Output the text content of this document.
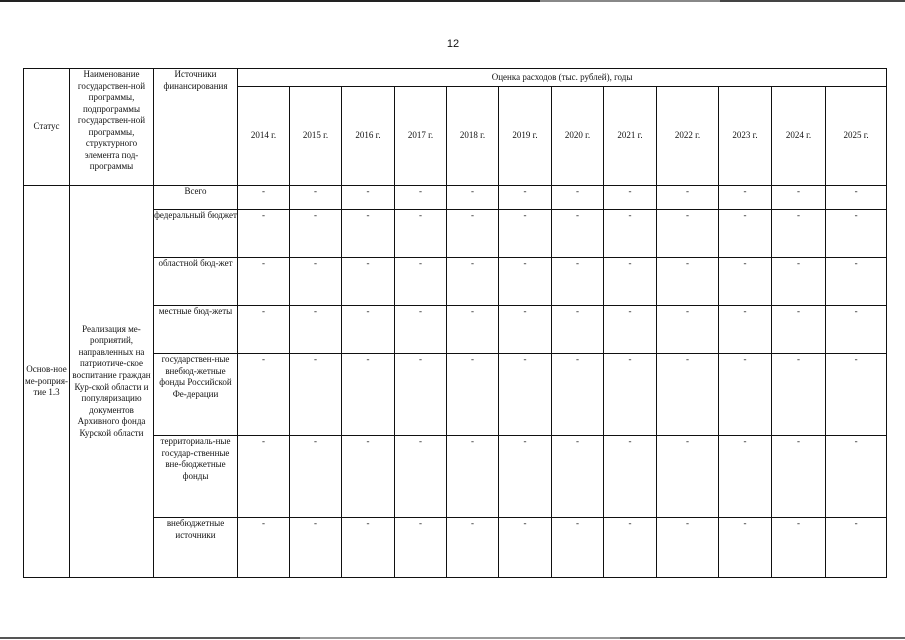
12
Статус	Наименование государствен-ной программы, подпрограммы государствен-ной программы, структурного элемента под-программы	Источники финансирования	Оценка расходов (тыс. рублей), годы											
			2014 г.	2015 г.	2016 г.	2017 г.	2018 г.	2019 г.	2020 г.	2021 г.	2022 г.	2023 г.	2024 г.	2025 г.
Основ-ное ме-роприя-тие 1.3	Реализация ме-роприятий, направленных на патриотиче-ское воспитание граждан Кур-ской области и популяризацию документов Архивного фонда Курской области	Всего	-	-	-	-	-	-	-	-	-	-	-	-
		федеральный бюджет	-	-	-	-	-	-	-	-	-	-	-	-
		областной бюд-жет	-	-	-	-	-	-	-	-	-	-	-	-
		местные бюд-жеты	-	-	-	-	-	-	-	-	-	-	-	-
		государствен-ные внебюд-жетные фонды Российской Фе-дерации	-	-	-	-	-	-	-	-	-	-	-	-
		территориаль-ные государ-ственные вне-бюджетные фонды	-	-	-	-	-	-	-	-	-	-	-	-
		внебюджетные источники	-	-	-	-	-	-	-	-	-	-	-	-
